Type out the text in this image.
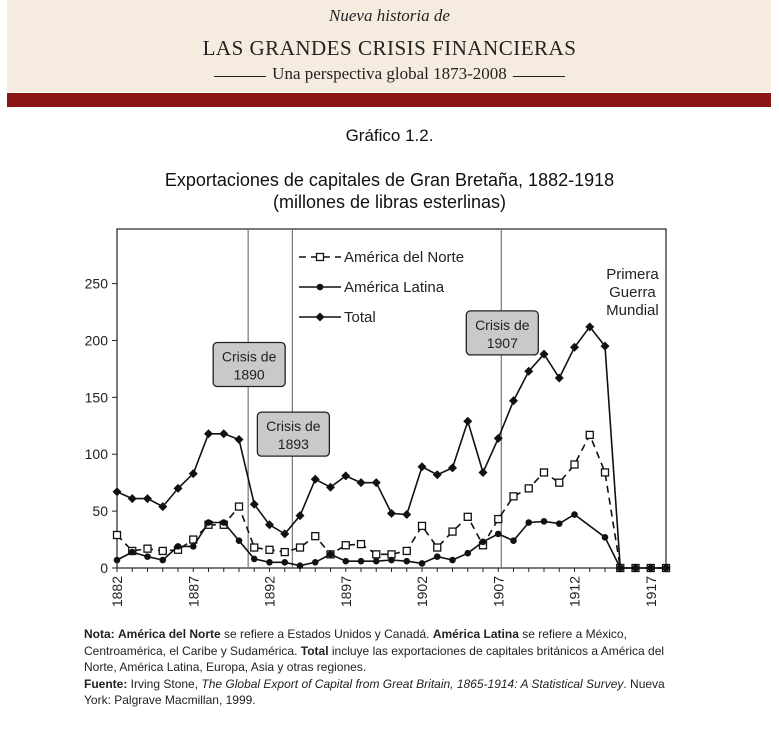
Nueva historia de
LAS GRANDES CRISIS FINANCIERAS
Una perspectiva global 1873-2008
Gráfico 1.2.
Exportaciones de capitales de Gran Bretaña, 1882-1918
(millones de libras esterlinas)
0
50
100
150
200
250
1882	1887	1892	1897	1902	1907	1912	1917
Crisis de
1890
Crisis de
1893
Crisis de
1907
Primera
Guerra
Mundial
América del Norte
América Latina
Total

Nota: América del Norte se refiere a Estados Unidos y Canadá. América Latina se refiere a México, Centroamérica, el Caribe y Sudamérica. Total incluye las exportaciones de capitales británicos a América del Norte, América Latina, Europa, Asia y otras regiones.

Fuente: Irving Stone, The Global Export of Capital from Great Britain, 1865-1914: A Statistical Survey. Nueva York: Palgrave Macmillan, 1999.
